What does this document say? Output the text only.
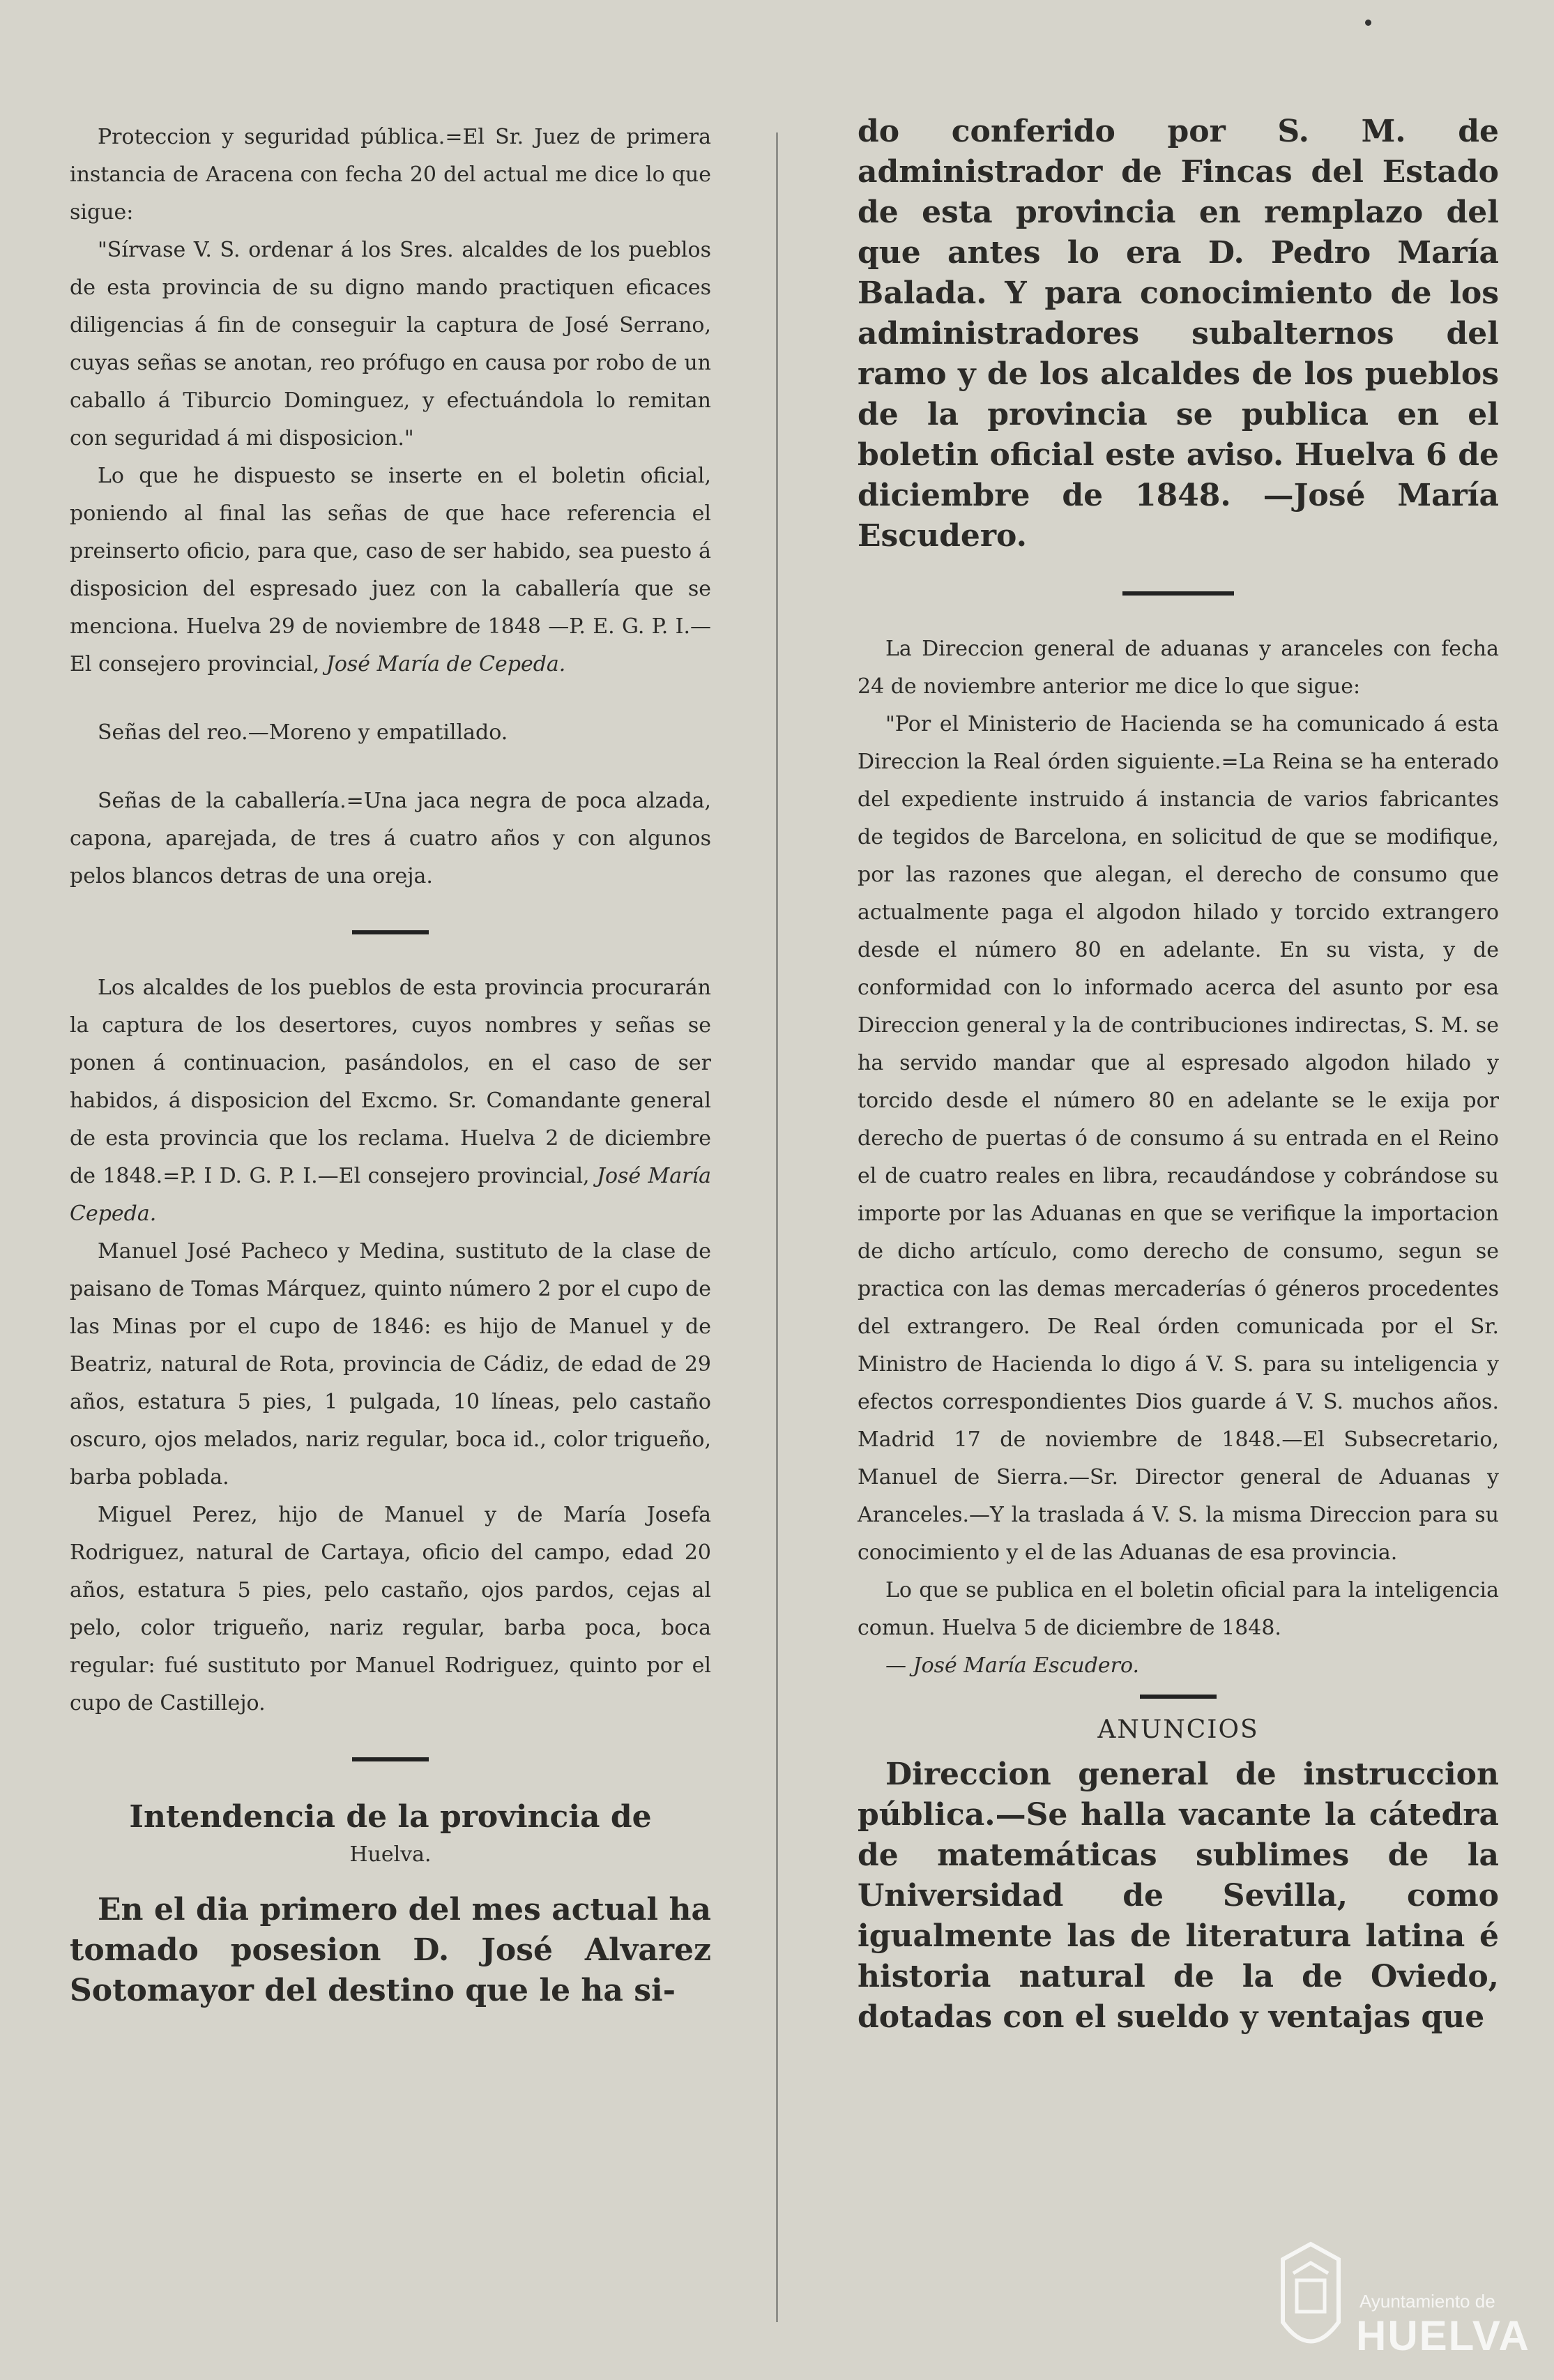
Proteccion y seguridad pública.=El Sr. Juez de primera instancia de Aracena con fecha 20 del actual me dice lo que sigue:

"Sírvase V. S. ordenar á los Sres. alcaldes de los pueblos de esta provincia de su digno mando practiquen eficaces diligencias á fin de conseguir la captura de José Serrano, cuyas señas se anotan, reo prófugo en causa por robo de un caballo á Tiburcio Dominguez, y efectuándola lo remitan con seguridad á mi disposicion."

Lo que he dispuesto se inserte en el boletin oficial, poniendo al final las señas de que hace referencia el preinserto oficio, para que, caso de ser habido, sea puesto á disposicion del espresado juez con la caballería que se menciona. Huelva 29 de noviembre de 1848 —P. E. G. P. I.—El consejero provincial, José María de Cepeda.

Señas del reo.—Moreno y empatillado.

Señas de la caballería.=Una jaca negra de poca alzada, capona, aparejada, de tres á cuatro años y con algunos pelos blancos detras de una oreja.

Los alcaldes de los pueblos de esta provincia procurarán la captura de los desertores, cuyos nombres y señas se ponen á continuacion, pasándolos, en el caso de ser habidos, á disposicion del Excmo. Sr. Comandante general de esta provincia que los reclama. Huelva 2 de diciembre de 1848.=P. I D. G. P. I.—El consejero provincial, José María Cepeda.

Manuel José Pacheco y Medina, sustituto de la clase de paisano de Tomas Márquez, quinto número 2 por el cupo de las Minas por el cupo de 1846: es hijo de Manuel y de Beatriz, natural de Rota, provincia de Cádiz, de edad de 29 años, estatura 5 pies, 1 pulgada, 10 líneas, pelo castaño oscuro, ojos melados, nariz regular, boca id., color trigueño, barba poblada.

Miguel Perez, hijo de Manuel y de María Josefa Rodriguez, natural de Cartaya, oficio del campo, edad 20 años, estatura 5 pies, pelo castaño, ojos pardos, cejas al pelo, color trigueño, nariz regular, barba poca, boca regular: fué sustituto por Manuel Rodriguez, quinto por el cupo de Castillejo.

Intendencia de la provincia de

Huelva.

En el dia primero del mes actual ha tomado posesion D. José Alvarez Sotomayor del destino que le ha si-

do conferido por S. M. de administrador de Fincas del Estado de esta provincia en remplazo del que antes lo era D. Pedro María Balada. Y para conocimiento de los administradores subalternos del ramo y de los alcaldes de los pueblos de la provincia se publica en el boletin oficial este aviso. Huelva 6 de diciembre de 1848. —José María Escudero.

La Direccion general de aduanas y aranceles con fecha 24 de noviembre anterior me dice lo que sigue:

"Por el Ministerio de Hacienda se ha comunicado á esta Direccion la Real órden siguiente.=La Reina se ha enterado del expediente instruido á instancia de varios fabricantes de tegidos de Barcelona, en solicitud de que se modifique, por las razones que alegan, el derecho de consumo que actualmente paga el algodon hilado y torcido extrangero desde el número 80 en adelante. En su vista, y de conformidad con lo informado acerca del asunto por esa Direccion general y la de contribuciones indirectas, S. M. se ha servido mandar que al espresado algodon hilado y torcido desde el número 80 en adelante se le exija por derecho de puertas ó de consumo á su entrada en el Reino el de cuatro reales en libra, recaudándose y cobrándose su importe por las Aduanas en que se verifique la importacion de dicho artículo, como derecho de consumo, segun se practica con las demas mercaderías ó géneros procedentes del extrangero. De Real órden comunicada por el Sr. Ministro de Hacienda lo digo á V. S. para su inteligencia y efectos correspondientes Dios guarde á V. S. muchos años. Madrid 17 de noviembre de 1848.—El Subsecretario, Manuel de Sierra.—Sr. Director general de Aduanas y Aranceles.—Y la traslada á V. S. la misma Direccion para su conocimiento y el de las Aduanas de esa provincia.

Lo que se publica en el boletin oficial para la inteligencia comun. Huelva 5 de diciembre de 1848.

— José María Escudero.

ANUNCIOS

Direccion general de instruccion pública.—Se halla vacante la cátedra de matemáticas sublimes de la Universidad de Sevilla, como igualmente las de literatura latina é historia natural de la de Oviedo, dotadas con el sueldo y ventajas que

Ayuntamiento de
HUELVA
